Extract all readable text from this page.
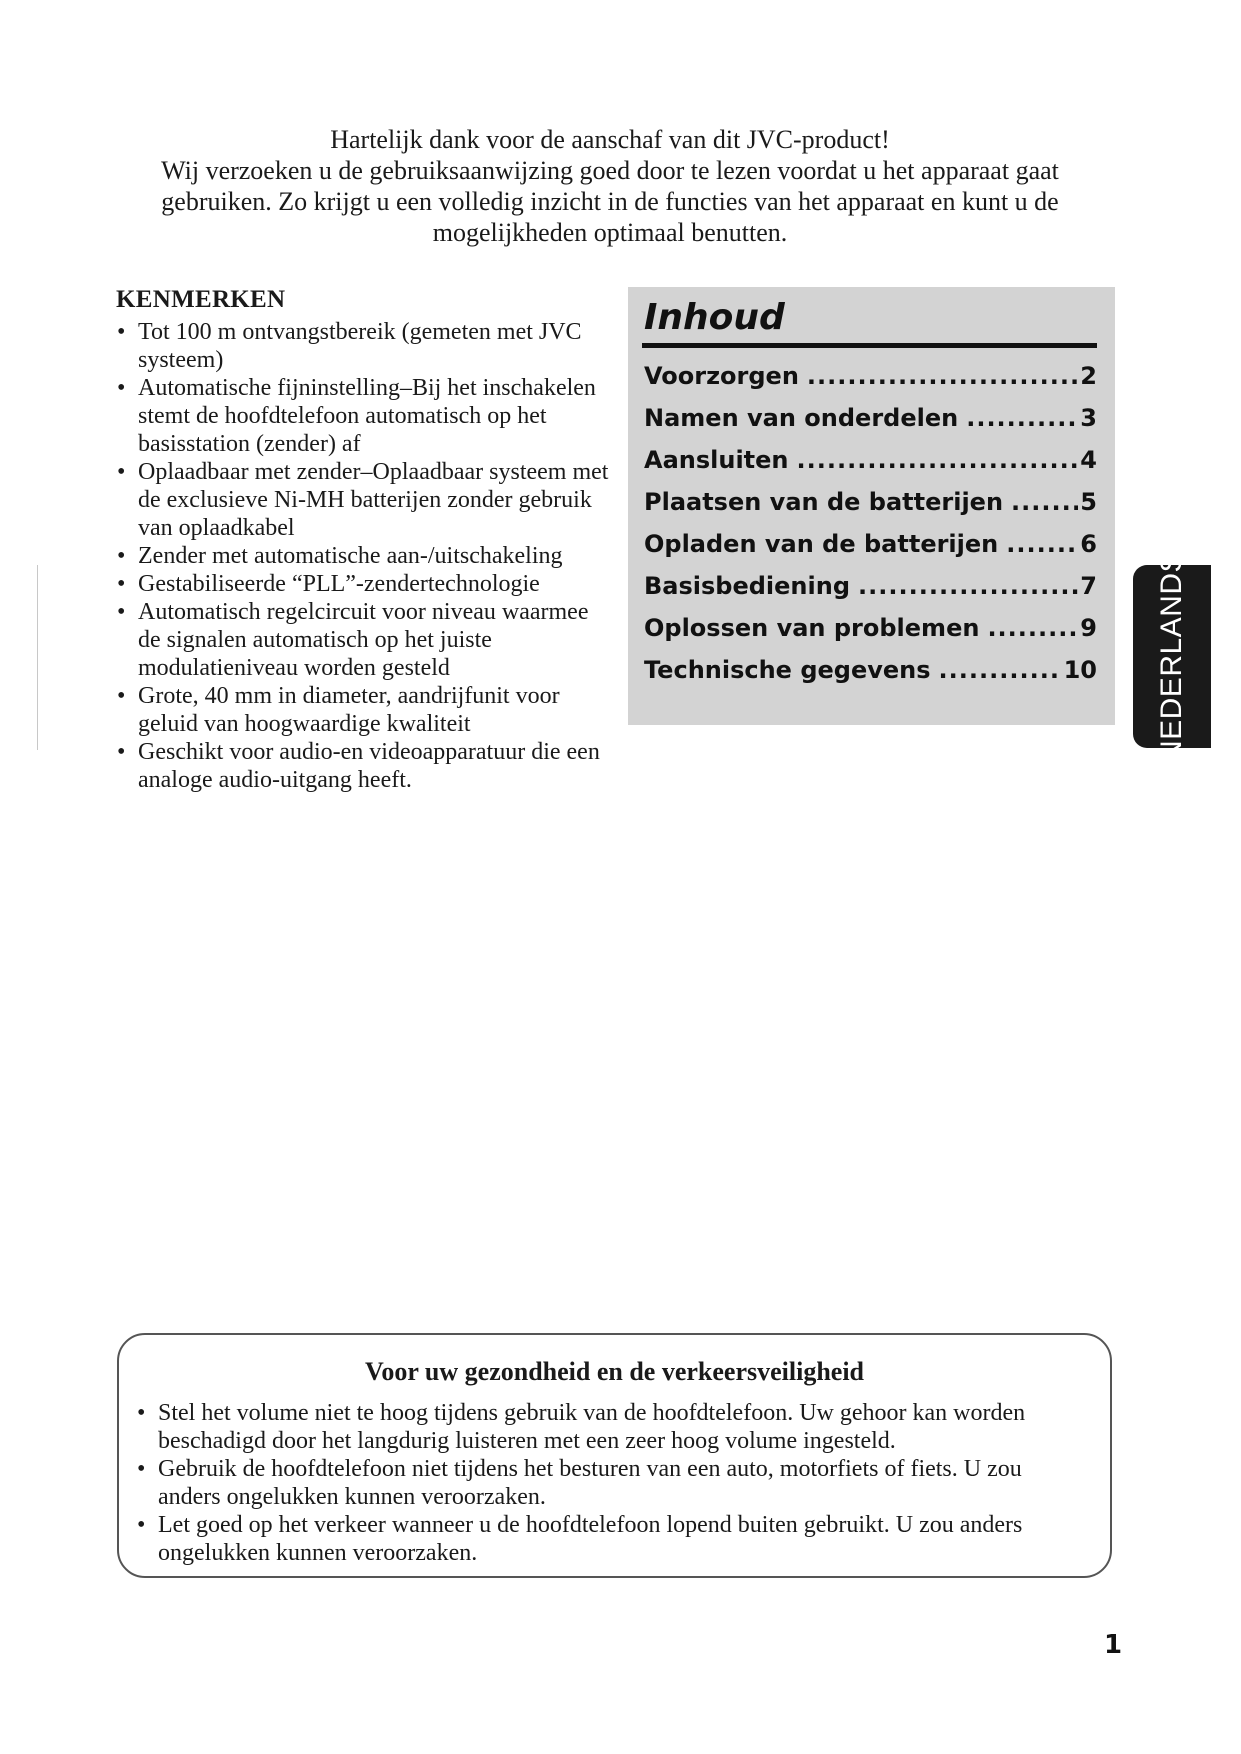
Hartelijk dank voor de aanschaf van dit JVC-product!

Wij verzoeken u de gebruiksaanwijzing goed door te lezen voordat u het apparaat gaat

gebruiken. Zo krijgt u een volledig inzicht in de functies van het apparaat en kunt u de

mogelijkheden optimaal benutten.

KENMERKEN
• Tot 100 m ontvangstbereik (gemeten met JVC systeem)
• Automatische fijninstelling–Bij het inschakelen stemt de hoofdtelefoon automatisch op het basisstation (zender) af
• Oplaadbaar met zender–Oplaadbaar systeem met de exclusieve Ni-MH batterijen zonder gebruik van oplaadkabel
• Zender met automatische aan-/uitschakeling
• Gestabiliseerde “PLL”-zendertechnologie
• Automatisch regelcircuit voor niveau waarmee de signalen automatisch op het juiste modulatieniveau worden gesteld
• Grote, 40 mm in diameter, aandrijfunit voor geluid van hoogwaardige kwaliteit
• Geschikt voor audio-en videoapparatuur die een analoge audio-uitgang heeft.
Inhoud
Voorzorgen .....	2
Namen van onderdelen .....	3
Aansluiten .....	4
Plaatsen van de batterijen .....	5
Opladen van de batterijen .....	6
Basisbediening .....	7
Oplossen van problemen .....	9
Technische gegevens .....	10 NEDERLANDS
Voor uw gezondheid en de verkeersveiligheid
• Stel het volume niet te hoog tijdens gebruik van de hoofdtelefoon. Uw gehoor kan worden beschadigd door het langdurig luisteren met een zeer hoog volume ingesteld.
• Gebruik de hoofdtelefoon niet tijdens het besturen van een auto, motorfiets of fiets. U zou anders ongelukken kunnen veroorzaken.
• Let goed op het verkeer wanneer u de hoofdtelefoon lopend buiten gebruikt. U zou anders ongelukken kunnen veroorzaken.
1
